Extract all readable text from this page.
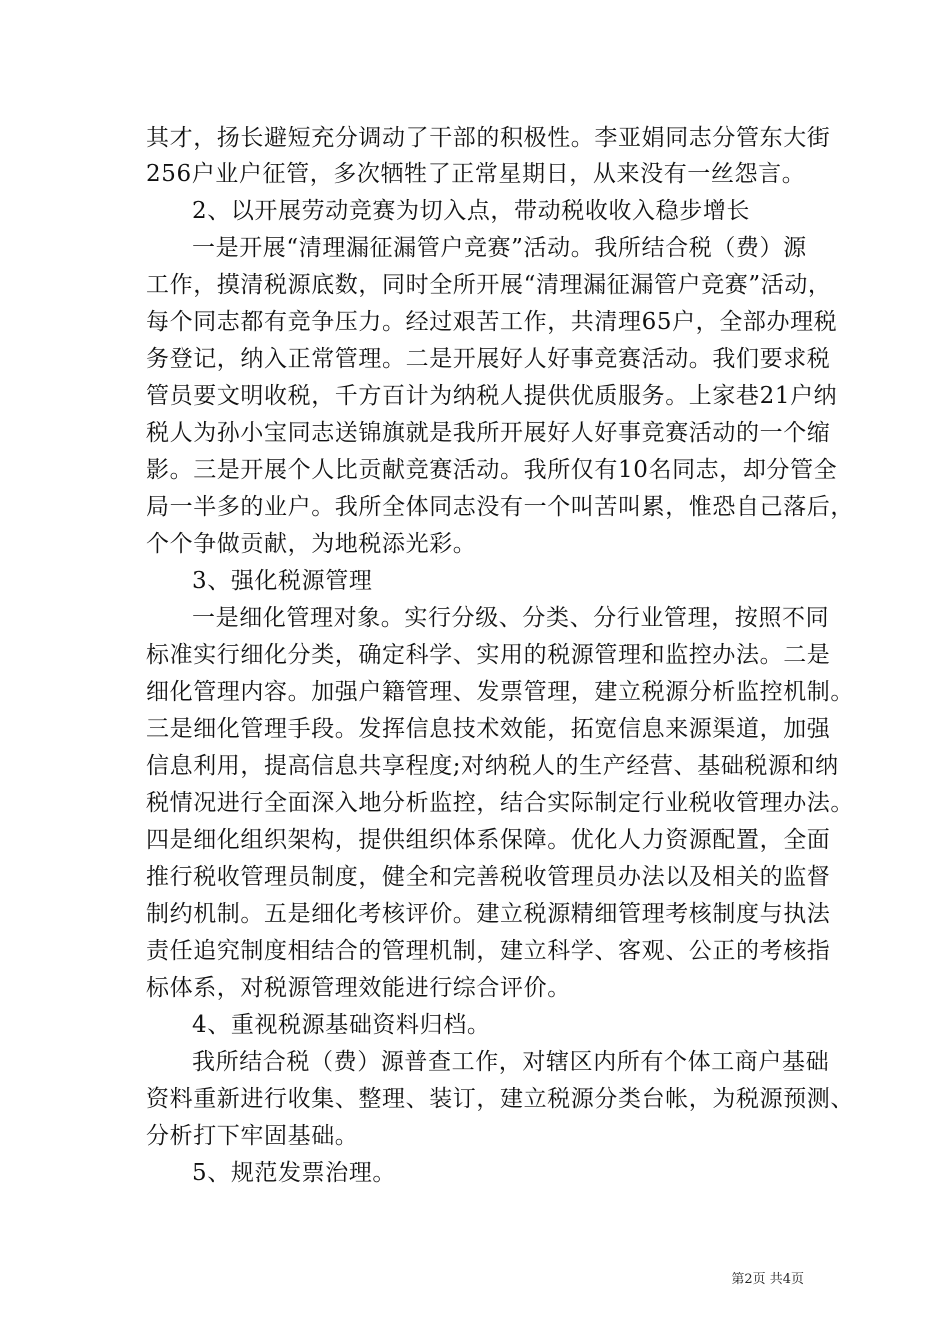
其才，扬长避短充分调动了干部的积极性。李亚娟同志分管东大街
256户业户征管，多次牺牲了正常星期日，从来没有一丝怨言。
2、以开展劳动竞赛为切入点，带动税收收入稳步增长
一是开展“清理漏征漏管户竞赛”活动。我所结合税（费）源
工作，摸清税源底数，同时全所开展“清理漏征漏管户竞赛”活动，
每个同志都有竞争压力。经过艰苦工作，共清理65户，全部办理税
务登记，纳入正常管理。二是开展好人好事竞赛活动。我们要求税
管员要文明收税，千方百计为纳税人提供优质服务。上家巷21户纳
税人为孙小宝同志送锦旗就是我所开展好人好事竞赛活动的一个缩
影。三是开展个人比贡献竞赛活动。我所仅有10名同志，却分管全
局一半多的业户。我所全体同志没有一个叫苦叫累，惟恐自己落后，
个个争做贡献，为地税添光彩。
3、强化税源管理
一是细化管理对象。实行分级、分类、分行业管理，按照不同
标准实行细化分类，确定科学、实用的税源管理和监控办法。二是
细化管理内容。加强户籍管理、发票管理，建立税源分析监控机制。
三是细化管理手段。发挥信息技术效能，拓宽信息来源渠道，加强
信息利用，提高信息共享程度;对纳税人的生产经营、基础税源和纳
税情况进行全面深入地分析监控，结合实际制定行业税收管理办法。
四是细化组织架构，提供组织体系保障。优化人力资源配置，全面
推行税收管理员制度，健全和完善税收管理员办法以及相关的监督
制约机制。五是细化考核评价。建立税源精细管理考核制度与执法
责任追究制度相结合的管理机制，建立科学、客观、公正的考核指
标体系，对税源管理效能进行综合评价。
4、重视税源基础资料归档。
我所结合税（费）源普查工作，对辖区内所有个体工商户基础
资料重新进行收集、整理、装订，建立税源分类台帐，为税源预测、
分析打下牢固基础。
5、规范发票治理。
第2页 共4页
